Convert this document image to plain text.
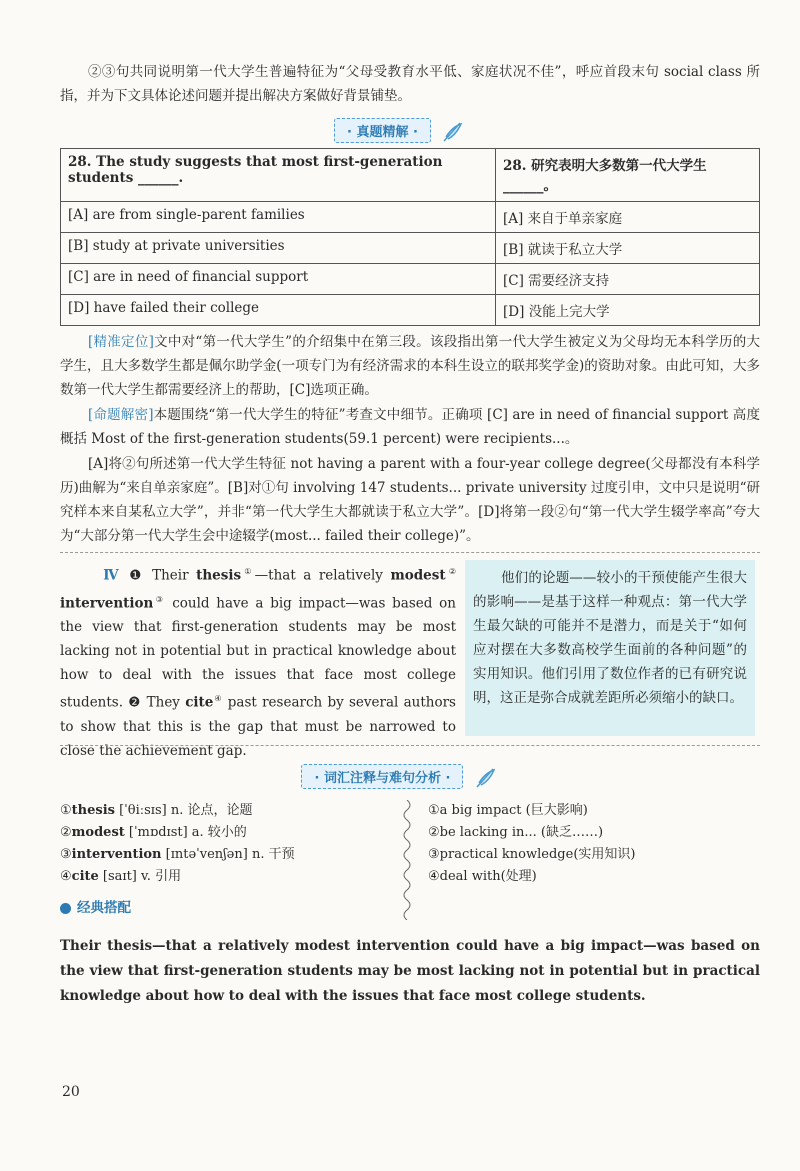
②③句共同说明第一代大学生普遍特征为“父母受教育水平低、家庭状况不佳”，呼应首段末句 social class 所指，并为下文具体论述问题并提出解决方案做好背景铺垫。
· 真题精解 ·
28. The study suggests that most first-generation students ______.	28. 研究表明大多数第一代大学生 ______。
[A] are from single-parent families	[A] 来自于单亲家庭
[B] study at private universities	[B] 就读于私立大学
[C] are in need of financial support	[C] 需要经济支持
[D] have failed their college	[D] 没能上完大学
[精准定位]文中对“第一代大学生”的介绍集中在第三段。该段指出第一代大学生被定义为父母均无本科学历的大学生，且大多数学生都是佩尔助学金(一项专门为有经济需求的本科生设立的联邦奖学金)的资助对象。由此可知，大多数第一代大学生都需要经济上的帮助，[C]选项正确。
[命题解密]本题围绕“第一代大学生的特征”考查文中细节。正确项 [C] are in need of financial support 高度概括 Most of the first-generation students(59.1 percent) were recipients...。
[A]将②句所述第一代大学生特征 not having a parent with a four-year college degree(父母都没有本科学历)曲解为“来自单亲家庭”。[B]对①句 involving 147 students... private university 过度引申，文中只是说明“研究样本来自某私立大学”，并非“第一代大学生大都就读于私立大学”。[D]将第一段②句“第一代大学生辍学率高”夸大为“大部分第一代大学生会中途辍学(most... failed their college)”。
Ⅳ ❶ Their thesis①—that a relatively modest② intervention③ could have a big impact—was based on the view that first-generation students may be most lacking not in potential but in practical knowledge about how to deal with the issues that face most college students. ❷ They cite④ past research by several authors to show that this is the gap that must be narrowed to close the achievement gap.
他们的论题——较小的干预使能产生很大的影响——是基于这样一种观点：第一代大学生最欠缺的可能并不是潜力，而是关于“如何应对摆在大多数高校学生面前的各种问题”的实用知识。他们引用了数位作者的已有研究说明，这正是弥合成就差距所必须缩小的缺口。
· 词汇注释与难句分析 ·
①thesis [ˈθiːsɪs] n. 论点，论题
②modest [ˈmɒdɪst] a. 较小的
③intervention [ɪntəˈvenʃən] n. 干预
④cite [saɪt] v. 引用
①a big impact (巨大影响)
②be lacking in... (缺乏……)
③practical knowledge(实用知识)
④deal with(处理)
经典搭配
Their thesis—that a relatively modest intervention could have a big impact—was based on the view that first-generation students may be most lacking not in potential but in practical knowledge about how to deal with the issues that face most college students.
20
